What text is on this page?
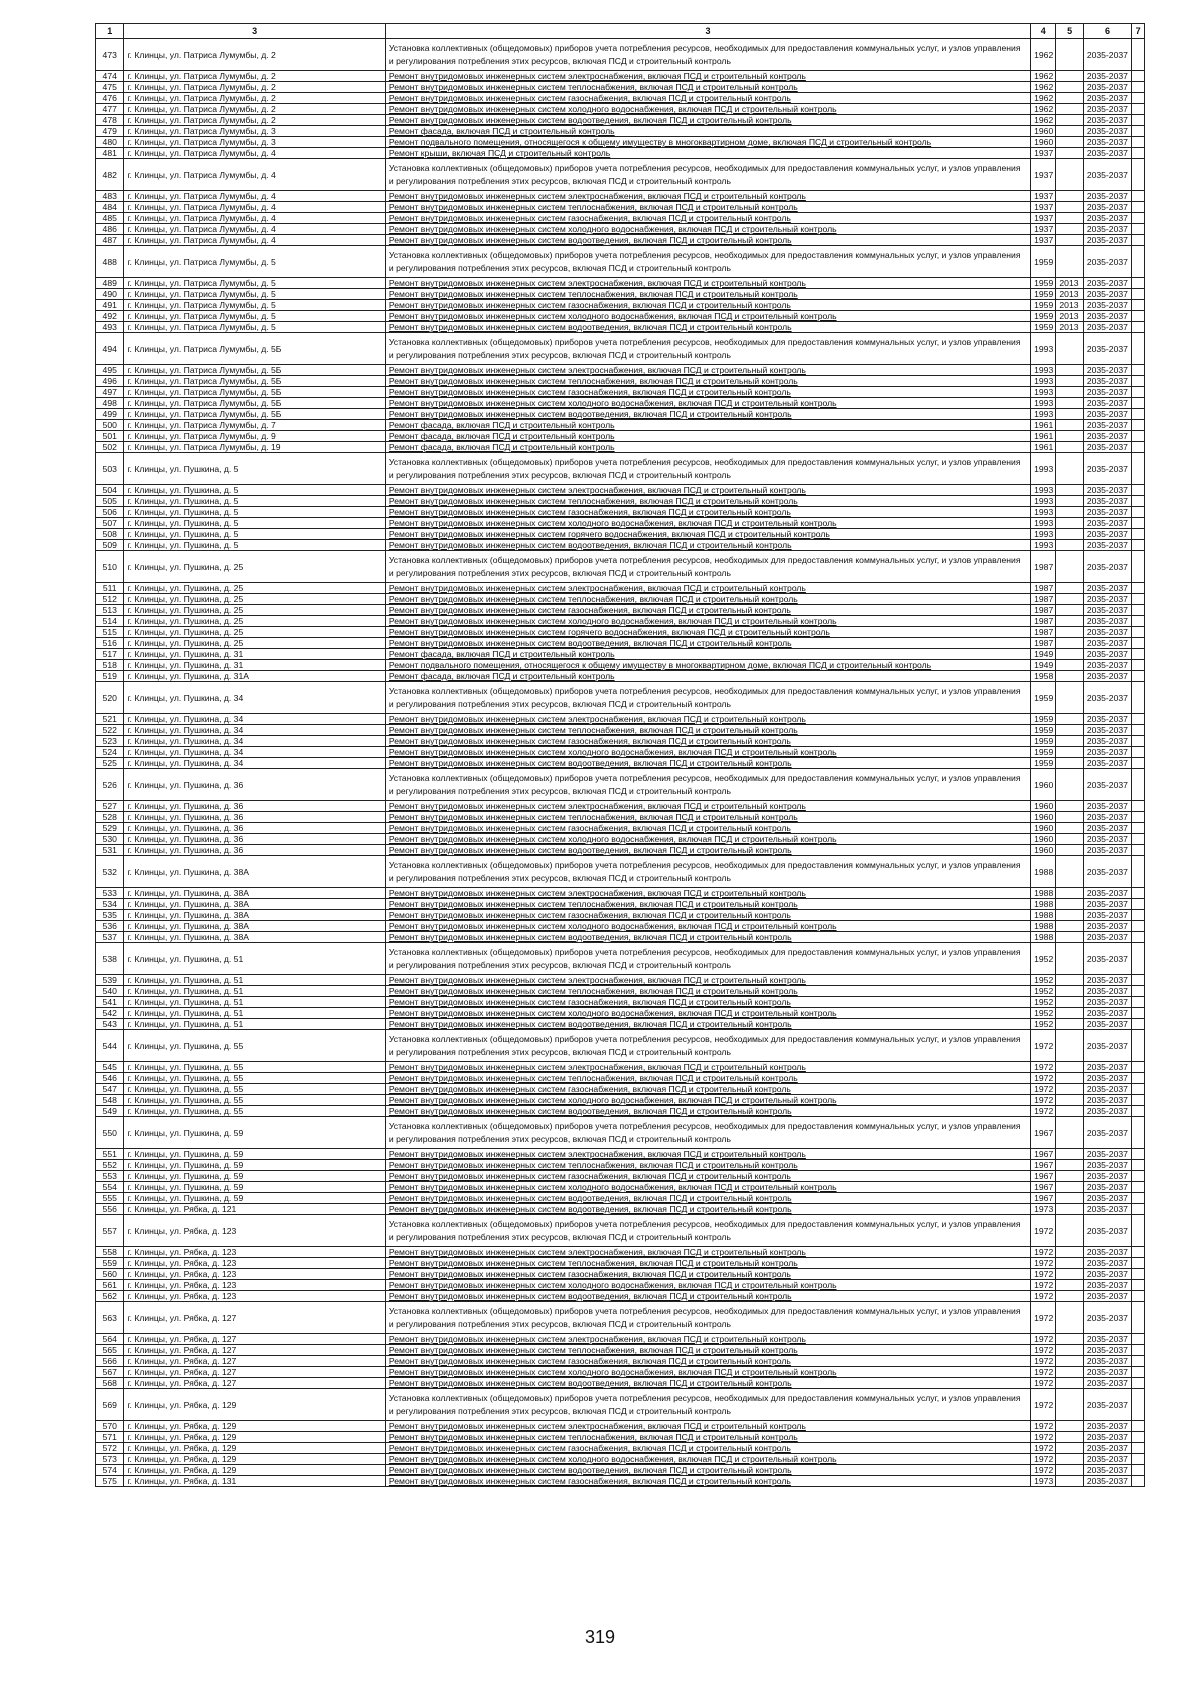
1	3	3	4	5	6	7
473	г. Клинцы, ул. Патриса Лумумбы, д. 2	Установка коллективных (общедомовых) приборов учета потребления ресурсов, необходимых для предоставления коммунальных услуг, и узлов управления и регулирования потребления этих ресурсов, включая ПСД и строительный контроль	1962		2035-2037	
474	г. Клинцы, ул. Патриса Лумумбы, д. 2	Ремонт внутридомовых инженерных систем электроснабжения, включая ПСД и строительный контроль	1962		2035-2037	
475	г. Клинцы, ул. Патриса Лумумбы, д. 2	Ремонт внутридомовых инженерных систем теплоснабжения, включая ПСД и строительный контроль	1962		2035-2037	
476	г. Клинцы, ул. Патриса Лумумбы, д. 2	Ремонт внутридомовых инженерных систем газоснабжения, включая ПСД и строительный контроль	1962		2035-2037	
477	г. Клинцы, ул. Патриса Лумумбы, д. 2	Ремонт внутридомовых инженерных систем холодного водоснабжения, включая ПСД и строительный контроль	1962		2035-2037	
478	г. Клинцы, ул. Патриса Лумумбы, д. 2	Ремонт внутридомовых инженерных систем водоотведения, включая ПСД и строительный контроль	1962		2035-2037	
479	г. Клинцы, ул. Патриса Лумумбы, д. 3	Ремонт фасада, включая ПСД и строительный контроль	1960		2035-2037	
480	г. Клинцы, ул. Патриса Лумумбы, д. 3	Ремонт подвального помещения, относящегося к общему имуществу в многоквартирном доме, включая ПСД и строительный контроль	1960		2035-2037	
481	г. Клинцы, ул. Патриса Лумумбы, д. 4	Ремонт крыши, включая ПСД и строительный контроль	1937		2035-2037	
482	г. Клинцы, ул. Патриса Лумумбы, д. 4	Установка коллективных (общедомовых) приборов учета потребления ресурсов, необходимых для предоставления коммунальных услуг, и узлов управления и регулирования потребления этих ресурсов, включая ПСД и строительный контроль	1937		2035-2037	
483	г. Клинцы, ул. Патриса Лумумбы, д. 4	Ремонт внутридомовых инженерных систем электроснабжения, включая ПСД и строительный контроль	1937		2035-2037	
484	г. Клинцы, ул. Патриса Лумумбы, д. 4	Ремонт внутридомовых инженерных систем теплоснабжения, включая ПСД и строительный контроль	1937		2035-2037	
485	г. Клинцы, ул. Патриса Лумумбы, д. 4	Ремонт внутридомовых инженерных систем газоснабжения, включая ПСД и строительный контроль	1937		2035-2037	
486	г. Клинцы, ул. Патриса Лумумбы, д. 4	Ремонт внутридомовых инженерных систем холодного водоснабжения, включая ПСД и строительный контроль	1937		2035-2037	
487	г. Клинцы, ул. Патриса Лумумбы, д. 4	Ремонт внутридомовых инженерных систем водоотведения, включая ПСД и строительный контроль	1937		2035-2037	
488	г. Клинцы, ул. Патриса Лумумбы, д. 5	Установка коллективных (общедомовых) приборов учета потребления ресурсов, необходимых для предоставления коммунальных услуг, и узлов управления и регулирования потребления этих ресурсов, включая ПСД и строительный контроль	1959		2035-2037	
489	г. Клинцы, ул. Патриса Лумумбы, д. 5	Ремонт внутридомовых инженерных систем электроснабжения, включая ПСД и строительный контроль	1959	2013	2035-2037	
490	г. Клинцы, ул. Патриса Лумумбы, д. 5	Ремонт внутридомовых инженерных систем теплоснабжения, включая ПСД и строительный контроль	1959	2013	2035-2037	
491	г. Клинцы, ул. Патриса Лумумбы, д. 5	Ремонт внутридомовых инженерных систем газоснабжения, включая ПСД и строительный контроль	1959	2013	2035-2037	
492	г. Клинцы, ул. Патриса Лумумбы, д. 5	Ремонт внутридомовых инженерных систем холодного водоснабжения, включая ПСД и строительный контроль	1959	2013	2035-2037	
493	г. Клинцы, ул. Патриса Лумумбы, д. 5	Ремонт внутридомовых инженерных систем водоотведения, включая ПСД и строительный контроль	1959	2013	2035-2037	
494	г. Клинцы, ул. Патриса Лумумбы, д. 5Б	Установка коллективных (общедомовых) приборов учета потребления ресурсов, необходимых для предоставления коммунальных услуг, и узлов управления и регулирования потребления этих ресурсов, включая ПСД и строительный контроль	1993		2035-2037	
495	г. Клинцы, ул. Патриса Лумумбы, д. 5Б	Ремонт внутридомовых инженерных систем электроснабжения, включая ПСД и строительный контроль	1993		2035-2037	
496	г. Клинцы, ул. Патриса Лумумбы, д. 5Б	Ремонт внутридомовых инженерных систем теплоснабжения, включая ПСД и строительный контроль	1993		2035-2037	
497	г. Клинцы, ул. Патриса Лумумбы, д. 5Б	Ремонт внутридомовых инженерных систем газоснабжения, включая ПСД и строительный контроль	1993		2035-2037	
498	г. Клинцы, ул. Патриса Лумумбы, д. 5Б	Ремонт внутридомовых инженерных систем холодного водоснабжения, включая ПСД и строительный контроль	1993		2035-2037	
499	г. Клинцы, ул. Патриса Лумумбы, д. 5Б	Ремонт внутридомовых инженерных систем водоотведения, включая ПСД и строительный контроль	1993		2035-2037	
500	г. Клинцы, ул. Патриса Лумумбы, д. 7	Ремонт фасада, включая ПСД и строительный контроль	1961		2035-2037	
501	г. Клинцы, ул. Патриса Лумумбы, д. 9	Ремонт фасада, включая ПСД и строительный контроль	1961		2035-2037	
502	г. Клинцы, ул. Патриса Лумумбы, д. 19	Ремонт фасада, включая ПСД и строительный контроль	1961		2035-2037	
503	г. Клинцы, ул. Пушкина, д. 5	Установка коллективных (общедомовых) приборов учета потребления ресурсов, необходимых для предоставления коммунальных услуг, и узлов управления и регулирования потребления этих ресурсов, включая ПСД и строительный контроль	1993		2035-2037	
504	г. Клинцы, ул. Пушкина, д. 5	Ремонт внутридомовых инженерных систем электроснабжения, включая ПСД и строительный контроль	1993		2035-2037	
505	г. Клинцы, ул. Пушкина, д. 5	Ремонт внутридомовых инженерных систем теплоснабжения, включая ПСД и строительный контроль	1993		2035-2037	
506	г. Клинцы, ул. Пушкина, д. 5	Ремонт внутридомовых инженерных систем газоснабжения, включая ПСД и строительный контроль	1993		2035-2037	
507	г. Клинцы, ул. Пушкина, д. 5	Ремонт внутридомовых инженерных систем холодного водоснабжения, включая ПСД и строительный контроль	1993		2035-2037	
508	г. Клинцы, ул. Пушкина, д. 5	Ремонт внутридомовых инженерных систем горячего водоснабжения, включая ПСД и строительный контроль	1993		2035-2037	
509	г. Клинцы, ул. Пушкина, д. 5	Ремонт внутридомовых инженерных систем водоотведения, включая ПСД и строительный контроль	1993		2035-2037	
510	г. Клинцы, ул. Пушкина, д. 25	Установка коллективных (общедомовых) приборов учета потребления ресурсов, необходимых для предоставления коммунальных услуг, и узлов управления и регулирования потребления этих ресурсов, включая ПСД и строительный контроль	1987		2035-2037	
511	г. Клинцы, ул. Пушкина, д. 25	Ремонт внутридомовых инженерных систем электроснабжения, включая ПСД и строительный контроль	1987		2035-2037	
512	г. Клинцы, ул. Пушкина, д. 25	Ремонт внутридомовых инженерных систем теплоснабжения, включая ПСД и строительный контроль	1987		2035-2037	
513	г. Клинцы, ул. Пушкина, д. 25	Ремонт внутридомовых инженерных систем газоснабжения, включая ПСД и строительный контроль	1987		2035-2037	
514	г. Клинцы, ул. Пушкина, д. 25	Ремонт внутридомовых инженерных систем холодного водоснабжения, включая ПСД и строительный контроль	1987		2035-2037	
515	г. Клинцы, ул. Пушкина, д. 25	Ремонт внутридомовых инженерных систем горячего водоснабжения, включая ПСД и строительный контроль	1987		2035-2037	
516	г. Клинцы, ул. Пушкина, д. 25	Ремонт внутридомовых инженерных систем водоотведения, включая ПСД и строительный контроль	1987		2035-2037	
517	г. Клинцы, ул. Пушкина, д. 31	Ремонт фасада, включая ПСД и строительный контроль	1949		2035-2037	
518	г. Клинцы, ул. Пушкина, д. 31	Ремонт подвального помещения, относящегося к общему имуществу в многоквартирном доме, включая ПСД и строительный контроль	1949		2035-2037	
519	г. Клинцы, ул. Пушкина, д. 31А	Ремонт фасада, включая ПСД и строительный контроль	1958		2035-2037	
520	г. Клинцы, ул. Пушкина, д. 34	Установка коллективных (общедомовых) приборов учета потребления ресурсов, необходимых для предоставления коммунальных услуг, и узлов управления и регулирования потребления этих ресурсов, включая ПСД и строительный контроль	1959		2035-2037	
521	г. Клинцы, ул. Пушкина, д. 34	Ремонт внутридомовых инженерных систем электроснабжения, включая ПСД и строительный контроль	1959		2035-2037	
522	г. Клинцы, ул. Пушкина, д. 34	Ремонт внутридомовых инженерных систем теплоснабжения, включая ПСД и строительный контроль	1959		2035-2037	
523	г. Клинцы, ул. Пушкина, д. 34	Ремонт внутридомовых инженерных систем газоснабжения, включая ПСД и строительный контроль	1959		2035-2037	
524	г. Клинцы, ул. Пушкина, д. 34	Ремонт внутридомовых инженерных систем холодного водоснабжения, включая ПСД и строительный контроль	1959		2035-2037	
525	г. Клинцы, ул. Пушкина, д. 34	Ремонт внутридомовых инженерных систем водоотведения, включая ПСД и строительный контроль	1959		2035-2037	
526	г. Клинцы, ул. Пушкина, д. 36	Установка коллективных (общедомовых) приборов учета потребления ресурсов, необходимых для предоставления коммунальных услуг, и узлов управления и регулирования потребления этих ресурсов, включая ПСД и строительный контроль	1960		2035-2037	
527	г. Клинцы, ул. Пушкина, д. 36	Ремонт внутридомовых инженерных систем электроснабжения, включая ПСД и строительный контроль	1960		2035-2037	
528	г. Клинцы, ул. Пушкина, д. 36	Ремонт внутридомовых инженерных систем теплоснабжения, включая ПСД и строительный контроль	1960		2035-2037	
529	г. Клинцы, ул. Пушкина, д. 36	Ремонт внутридомовых инженерных систем газоснабжения, включая ПСД и строительный контроль	1960		2035-2037	
530	г. Клинцы, ул. Пушкина, д. 36	Ремонт внутридомовых инженерных систем холодного водоснабжения, включая ПСД и строительный контроль	1960		2035-2037	
531	г. Клинцы, ул. Пушкина, д. 36	Ремонт внутридомовых инженерных систем водоотведения, включая ПСД и строительный контроль	1960		2035-2037	
532	г. Клинцы, ул. Пушкина, д. 38А	Установка коллективных (общедомовых) приборов учета потребления ресурсов, необходимых для предоставления коммунальных услуг, и узлов управления и регулирования потребления этих ресурсов, включая ПСД и строительный контроль	1988		2035-2037	
533	г. Клинцы, ул. Пушкина, д. 38А	Ремонт внутридомовых инженерных систем электроснабжения, включая ПСД и строительный контроль	1988		2035-2037	
534	г. Клинцы, ул. Пушкина, д. 38А	Ремонт внутридомовых инженерных систем теплоснабжения, включая ПСД и строительный контроль	1988		2035-2037	
535	г. Клинцы, ул. Пушкина, д. 38А	Ремонт внутридомовых инженерных систем газоснабжения, включая ПСД и строительный контроль	1988		2035-2037	
536	г. Клинцы, ул. Пушкина, д. 38А	Ремонт внутридомовых инженерных систем холодного водоснабжения, включая ПСД и строительный контроль	1988		2035-2037	
537	г. Клинцы, ул. Пушкина, д. 38А	Ремонт внутридомовых инженерных систем водоотведения, включая ПСД и строительный контроль	1988		2035-2037	
538	г. Клинцы, ул. Пушкина, д. 51	Установка коллективных (общедомовых) приборов учета потребления ресурсов, необходимых для предоставления коммунальных услуг, и узлов управления и регулирования потребления этих ресурсов, включая ПСД и строительный контроль	1952		2035-2037	
539	г. Клинцы, ул. Пушкина, д. 51	Ремонт внутридомовых инженерных систем электроснабжения, включая ПСД и строительный контроль	1952		2035-2037	
540	г. Клинцы, ул. Пушкина, д. 51	Ремонт внутридомовых инженерных систем теплоснабжения, включая ПСД и строительный контроль	1952		2035-2037	
541	г. Клинцы, ул. Пушкина, д. 51	Ремонт внутридомовых инженерных систем газоснабжения, включая ПСД и строительный контроль	1952		2035-2037	
542	г. Клинцы, ул. Пушкина, д. 51	Ремонт внутридомовых инженерных систем холодного водоснабжения, включая ПСД и строительный контроль	1952		2035-2037	
543	г. Клинцы, ул. Пушкина, д. 51	Ремонт внутридомовых инженерных систем водоотведения, включая ПСД и строительный контроль	1952		2035-2037	
544	г. Клинцы, ул. Пушкина, д. 55	Установка коллективных (общедомовых) приборов учета потребления ресурсов, необходимых для предоставления коммунальных услуг, и узлов управления и регулирования потребления этих ресурсов, включая ПСД и строительный контроль	1972		2035-2037	
545	г. Клинцы, ул. Пушкина, д. 55	Ремонт внутридомовых инженерных систем электроснабжения, включая ПСД и строительный контроль	1972		2035-2037	
546	г. Клинцы, ул. Пушкина, д. 55	Ремонт внутридомовых инженерных систем теплоснабжения, включая ПСД и строительный контроль	1972		2035-2037	
547	г. Клинцы, ул. Пушкина, д. 55	Ремонт внутридомовых инженерных систем газоснабжения, включая ПСД и строительный контроль	1972		2035-2037	
548	г. Клинцы, ул. Пушкина, д. 55	Ремонт внутридомовых инженерных систем холодного водоснабжения, включая ПСД и строительный контроль	1972		2035-2037	
549	г. Клинцы, ул. Пушкина, д. 55	Ремонт внутридомовых инженерных систем водоотведения, включая ПСД и строительный контроль	1972		2035-2037	
550	г. Клинцы, ул. Пушкина, д. 59	Установка коллективных (общедомовых) приборов учета потребления ресурсов, необходимых для предоставления коммунальных услуг, и узлов управления и регулирования потребления этих ресурсов, включая ПСД и строительный контроль	1967		2035-2037	
551	г. Клинцы, ул. Пушкина, д. 59	Ремонт внутридомовых инженерных систем электроснабжения, включая ПСД и строительный контроль	1967		2035-2037	
552	г. Клинцы, ул. Пушкина, д. 59	Ремонт внутридомовых инженерных систем теплоснабжения, включая ПСД и строительный контроль	1967		2035-2037	
553	г. Клинцы, ул. Пушкина, д. 59	Ремонт внутридомовых инженерных систем газоснабжения, включая ПСД и строительный контроль	1967		2035-2037	
554	г. Клинцы, ул. Пушкина, д. 59	Ремонт внутридомовых инженерных систем холодного водоснабжения, включая ПСД и строительный контроль	1967		2035-2037	
555	г. Клинцы, ул. Пушкина, д. 59	Ремонт внутридомовых инженерных систем водоотведения, включая ПСД и строительный контроль	1967		2035-2037	
556	г. Клинцы, ул. Рябка, д. 121	Ремонт внутридомовых инженерных систем водоотведения, включая ПСД и строительный контроль	1973		2035-2037	
557	г. Клинцы, ул. Рябка, д. 123	Установка коллективных (общедомовых) приборов учета потребления ресурсов, необходимых для предоставления коммунальных услуг, и узлов управления и регулирования потребления этих ресурсов, включая ПСД и строительный контроль	1972		2035-2037	
558	г. Клинцы, ул. Рябка, д. 123	Ремонт внутридомовых инженерных систем электроснабжения, включая ПСД и строительный контроль	1972		2035-2037	
559	г. Клинцы, ул. Рябка, д. 123	Ремонт внутридомовых инженерных систем теплоснабжения, включая ПСД и строительный контроль	1972		2035-2037	
560	г. Клинцы, ул. Рябка, д. 123	Ремонт внутридомовых инженерных систем газоснабжения, включая ПСД и строительный контроль	1972		2035-2037	
561	г. Клинцы, ул. Рябка, д. 123	Ремонт внутридомовых инженерных систем холодного водоснабжения, включая ПСД и строительный контроль	1972		2035-2037	
562	г. Клинцы, ул. Рябка, д. 123	Ремонт внутридомовых инженерных систем водоотведения, включая ПСД и строительный контроль	1972		2035-2037	
563	г. Клинцы, ул. Рябка, д. 127	Установка коллективных (общедомовых) приборов учета потребления ресурсов, необходимых для предоставления коммунальных услуг, и узлов управления и регулирования потребления этих ресурсов, включая ПСД и строительный контроль	1972		2035-2037	
564	г. Клинцы, ул. Рябка, д. 127	Ремонт внутридомовых инженерных систем электроснабжения, включая ПСД и строительный контроль	1972		2035-2037	
565	г. Клинцы, ул. Рябка, д. 127	Ремонт внутридомовых инженерных систем теплоснабжения, включая ПСД и строительный контроль	1972		2035-2037	
566	г. Клинцы, ул. Рябка, д. 127	Ремонт внутридомовых инженерных систем газоснабжения, включая ПСД и строительный контроль	1972		2035-2037	
567	г. Клинцы, ул. Рябка, д. 127	Ремонт внутридомовых инженерных систем холодного водоснабжения, включая ПСД и строительный контроль	1972		2035-2037	
568	г. Клинцы, ул. Рябка, д. 127	Ремонт внутридомовых инженерных систем водоотведения, включая ПСД и строительный контроль	1972		2035-2037	
569	г. Клинцы, ул. Рябка, д. 129	Установка коллективных (общедомовых) приборов учета потребления ресурсов, необходимых для предоставления коммунальных услуг, и узлов управления и регулирования потребления этих ресурсов, включая ПСД и строительный контроль	1972		2035-2037	
570	г. Клинцы, ул. Рябка, д. 129	Ремонт внутридомовых инженерных систем электроснабжения, включая ПСД и строительный контроль	1972		2035-2037	
571	г. Клинцы, ул. Рябка, д. 129	Ремонт внутридомовых инженерных систем теплоснабжения, включая ПСД и строительный контроль	1972		2035-2037	
572	г. Клинцы, ул. Рябка, д. 129	Ремонт внутридомовых инженерных систем газоснабжения, включая ПСД и строительный контроль	1972		2035-2037	
573	г. Клинцы, ул. Рябка, д. 129	Ремонт внутридомовых инженерных систем холодного водоснабжения, включая ПСД и строительный контроль	1972		2035-2037	
574	г. Клинцы, ул. Рябка, д. 129	Ремонт внутридомовых инженерных систем водоотведения, включая ПСД и строительный контроль	1972		2035-2037	
575	г. Клинцы, ул. Рябка, д. 131	Ремонт внутридомовых инженерных систем газоснабжения, включая ПСД и строительный контроль	1973		2035-2037	
319
